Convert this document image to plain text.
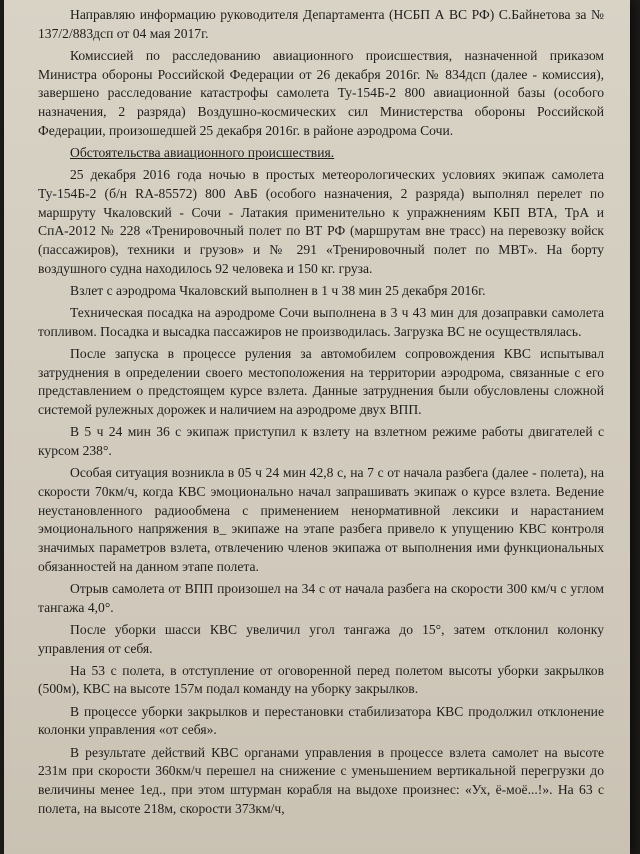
Направляю информацию руководителя Департамента (НСБП А ВС РФ) С.Байнетова за № 137/2/883дсп от 04 мая 2017г.

Комиссией по расследованию авиационного происшествия, назначенной приказом Министра обороны Российской Федерации от 26 декабря 2016г. № 834дсп (далее - комиссия), завершено расследование катастрофы самолета Ту-154Б-2 800 авиационной базы (особого назначения, 2 разряда) Воздушно-космических сил Министерства обороны Российской Федерации, произошедшей 25 декабря 2016г. в районе аэродрома Сочи.

Обстоятельства авиационного происшествия.

25 декабря 2016 года ночью в простых метеорологических условиях экипаж самолета Ту-154Б-2 (б/н RA-85572) 800 АвБ (особого назначения, 2 разряда) выполнял перелет по маршруту Чкаловский - Сочи - Латакия применительно к упражнениям КБП ВТА, ТрА и СпА-2012 № 228 «Тренировочный полет по ВТ РФ (маршрутам вне трасс) на перевозку войск (пассажиров), техники и грузов» и № 291 «Тренировочный полет по МВТ». На борту воздушного судна находилось 92 человека и 150 кг. груза.

Взлет с аэродрома Чкаловский выполнен в 1 ч 38 мин 25 декабря 2016г.

Техническая посадка на аэродроме Сочи выполнена в 3 ч 43 мин для дозаправки самолета топливом. Посадка и высадка пассажиров не производилась. Загрузка ВС не осуществлялась.

После запуска в процессе руления за автомобилем сопровождения КВС испытывал затруднения в определении своего местоположения на территории аэродрома, связанные с его представлением о предстоящем курсе взлета. Данные затруднения были обусловлены сложной системой рулежных дорожек и наличием на аэродроме двух ВПП.

В 5 ч 24 мин 36 с экипаж приступил к взлету на взлетном режиме работы двигателей с курсом 238°.

Особая ситуация возникла в 05 ч 24 мин 42,8 с, на 7 с от начала разбега (далее - полета), на скорости 70км/ч, когда КВС эмоционально начал запрашивать экипаж о курсе взлета. Ведение неустановленного радиообмена с применением ненормативной лексики и нарастанием эмоционального напряжения в_ экипаже на этапе разбега привело к упущению КВС контроля значимых параметров взлета, отвлечению членов экипажа от выполнения ими функциональных обязанностей на данном этапе полета.

Отрыв самолета от ВПП произошел на 34 с от начала разбега на скорости 300 км/ч с углом тангажа 4,0°.

После уборки шасси КВС увеличил угол тангажа до 15°, затем отклонил колонку управления от себя.

На 53 с полета, в отступление от оговоренной перед полетом высоты уборки закрылков (500м), КВС на высоте 157м подал команду на уборку закрылков.

В процессе уборки закрылков и перестановки стабилизатора КВС продолжил отклонение колонки управления «от себя».

В результате действий КВС органами управления в процессе взлета самолет на высоте 231м при скорости 360км/ч перешел на снижение с уменьшением вертикальной перегрузки до величины менее 1ед., при этом штурман корабля на выдохе произнес: «Ух, ё-моё...!». На 63 с полета, на высоте 218м, скорости 373км/ч,
